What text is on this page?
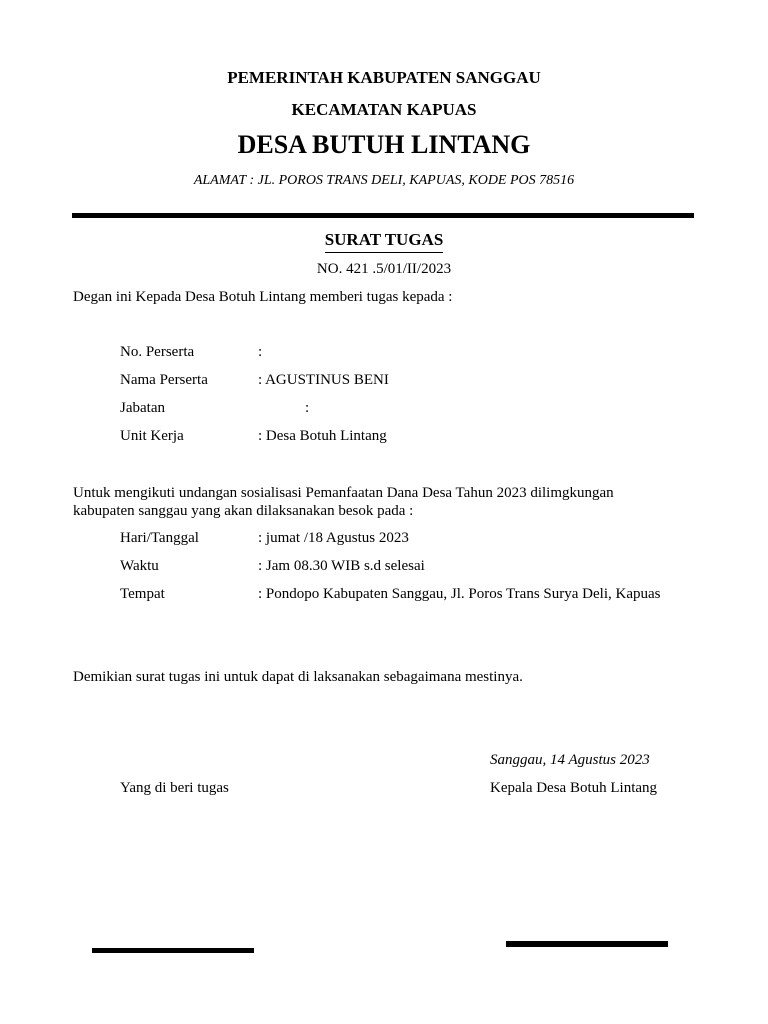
PEMERINTAH KABUPATEN SANGGAU
KECAMATAN KAPUAS
DESA BUTUH LINTANG
ALAMAT : JL. POROS TRANS DELI, KAPUAS, KODE POS 78516
SURAT TUGAS
NO. 421 .5/01/II/2023
Degan ini Kepada Desa Botuh Lintang memberi tugas kepada :
No. Perserta	:
Nama Perserta	: AGUSTINUS BENI
Jabatan	:
Unit Kerja	: Desa Botuh Lintang
Untuk mengikuti undangan sosialisasi Pemanfaatan Dana Desa Tahun 2023 dilimgkungan
kabupaten sanggau yang akan dilaksanakan besok pada :
Hari/Tanggal	: jumat /18 Agustus 2023
Waktu	: Jam 08.30 WIB s.d selesai
Tempat	: Pondopo Kabupaten Sanggau, Jl. Poros Trans Surya Deli, Kapuas
Demikian surat tugas ini untuk dapat di laksanakan sebagaimana mestinya.
Sanggau, 14 Agustus 2023
Yang di beri tugas	Kepala Desa Botuh Lintang
